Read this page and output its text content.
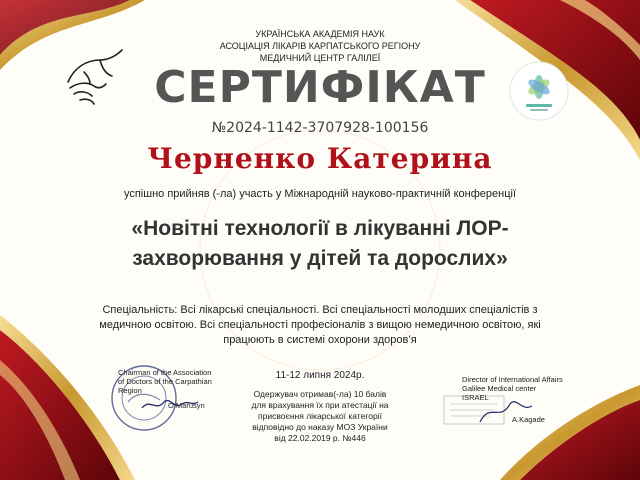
УКРАЇНСЬКА АКАДЕМІЯ НАУК
АСОЦІАЦІЯ ЛІКАРІВ КАРПАТСЬКОГО РЕГІОНУ
МЕДИЧНИЙ ЦЕНТР ГАЛІЛЕЇ
СЕРТИФІКАТ
№2024-1142-3707928-100156
Черненко Катерина
успішно прийняв (-ла) участь у Міжнародній науково-практичній конференції
«Новітні технології в лікуванні ЛОР-
захворювання у дітей та дорослих»
Спеціальність: Всі лікарські спеціальності. Всі спеціальності молодших спеціалістів з
медичною освітою. Всі спеціальності професіоналів з вищою немедичною освітою, які
працюють в системі охорони здоров’я
Chairman of the Association
of Doctors of the Carpathian
Region
O.Marusyn
11-12 липня 2024р.
Одержувач отримав(-ла) 10 балів
для врахування їх при атестації на
присвоєння лікарської категорії
відповідно до наказу МОЗ України
від 22.02.2019 р. №446
Director of International Affairs
Galilee Medical center
ISRAEL
A.Kagade
